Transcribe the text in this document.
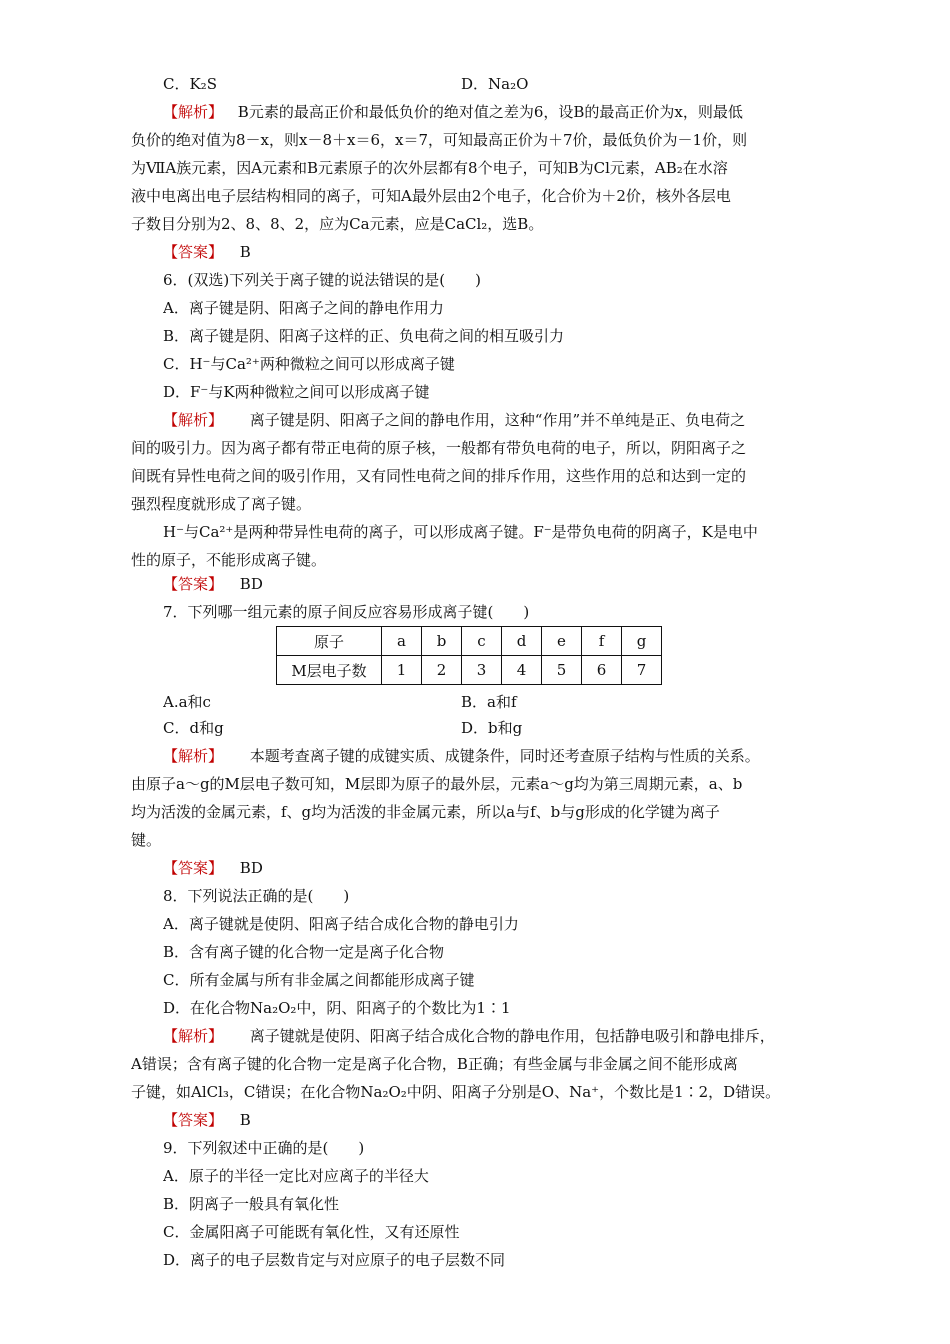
C．K₂S	D．Na₂O
【解析】 B元素的最高正价和最低负价的绝对值之差为6，设B的最高正价为x，则最低
负价的绝对值为8－x，则x－8＋x＝6，x＝7，可知最高正价为＋7价，最低负价为－1价，则
为ⅦA族元素，因A元素和B元素原子的次外层都有8个电子，可知B为Cl元素，AB₂在水溶
液中电离出电子层结构相同的离子，可知A最外层由2个电子，化合价为＋2价，核外各层电
子数目分别为2、8、8、2，应为Ca元素，应是CaCl₂，选B。
【答案】 B
6．(双选)下列关于离子键的说法错误的是(　　)
A．离子键是阴、阳离子之间的静电作用力
B．离子键是阴、阳离子这样的正、负电荷之间的相互吸引力
C．H⁻与Ca²⁺两种微粒之间可以形成离子键
D．F⁻与K两种微粒之间可以形成离子键
【解析】 离子键是阴、阳离子之间的静电作用，这种“作用”并不单纯是正、负电荷之
间的吸引力。因为离子都有带正电荷的原子核，一般都有带负电荷的电子，所以，阴阳离子之
间既有异性电荷之间的吸引作用，又有同性电荷之间的排斥作用，这些作用的总和达到一定的
强烈程度就形成了离子键。
H⁻与Ca²⁺是两种带异性电荷的离子，可以形成离子键。F⁻是带负电荷的阴离子，K是电中
性的原子，不能形成离子键。
【答案】 BD
7．下列哪一组元素的原子间反应容易形成离子键(　　)
原子	a	b	c	d	e	f	g
M层电子数	1	2	3	4	5	6	7
A.a和c	B．a和f
C．d和g	D．b和g
【解析】 本题考查离子键的成键实质、成键条件，同时还考查原子结构与性质的关系。
由原子a～g的M层电子数可知，M层即为原子的最外层，元素a～g均为第三周期元素，a、b
均为活泼的金属元素，f、g均为活泼的非金属元素，所以a与f、b与g形成的化学键为离子
键。
【答案】 BD
8．下列说法正确的是(　　)
A．离子键就是使阴、阳离子结合成化合物的静电引力
B．含有离子键的化合物一定是离子化合物
C．所有金属与所有非金属之间都能形成离子键
D．在化合物Na₂O₂中，阴、阳离子的个数比为1∶1
【解析】 离子键就是使阴、阳离子结合成化合物的静电作用，包括静电吸引和静电排斥，
A错误；含有离子键的化合物一定是离子化合物，B正确；有些金属与非金属之间不能形成离
子键，如AlCl₃，C错误；在化合物Na₂O₂中阴、阳离子分别是O、Na⁺，个数比是1∶2，D错误。
【答案】 B
9．下列叙述中正确的是(　　)
A．原子的半径一定比对应离子的半径大
B．阴离子一般具有氧化性
C．金属阳离子可能既有氧化性，又有还原性
D．离子的电子层数肯定与对应原子的电子层数不同
